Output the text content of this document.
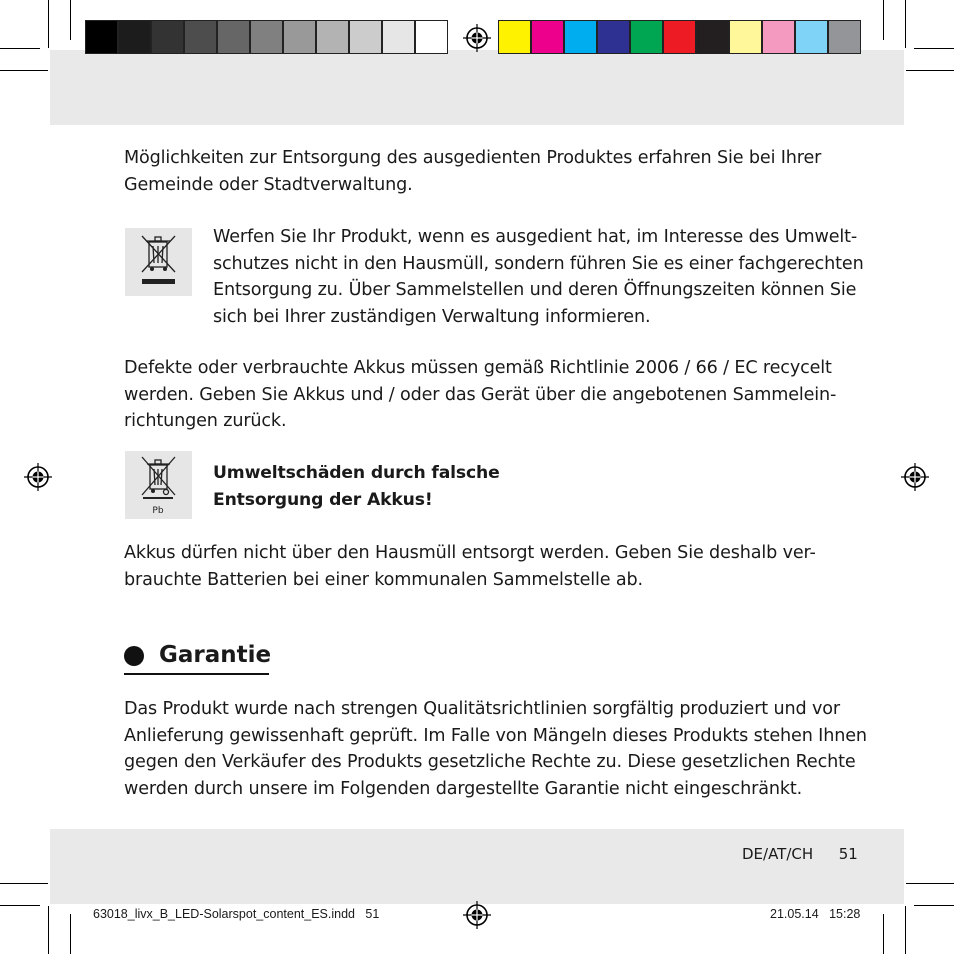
Möglichkeiten zur Entsorgung des ausgedienten Produktes erfahren Sie bei Ihrer
Gemeinde oder Stadtverwaltung.
Werfen Sie Ihr Produkt, wenn es ausgedient hat, im Interesse des Umwelt-
schutzes nicht in den Hausmüll, sondern führen Sie es einer fachgerechten
Entsorgung zu. Über Sammelstellen und deren Öffnungszeiten können Sie
sich bei Ihrer zuständigen Verwaltung informieren.
Defekte oder verbrauchte Akkus müssen gemäß Richtlinie 2006 / 66 / EC recycelt
werden. Geben Sie Akkus und / oder das Gerät über die angebotenen Sammelein-
richtungen zurück.
Pb
Umweltschäden durch falsche
Entsorgung der Akkus!
Akkus dürfen nicht über den Hausmüll entsorgt werden. Geben Sie deshalb ver-
brauchte Batterien bei einer kommunalen Sammelstelle ab.
Garantie
Das Produkt wurde nach strengen Qualitätsrichtlinien sorgfältig produziert und vor
Anlieferung gewissenhaft geprüft. Im Falle von Mängeln dieses Produkts stehen Ihnen
gegen den Verkäufer des Produkts gesetzliche Rechte zu. Diese gesetzlichen Rechte
werden durch unsere im Folgenden dargestellte Garantie nicht eingeschränkt.
DE/AT/CH 51
63018_livx_B_LED-Solarspot_content_ES.indd   51	21.05.14   15:28
